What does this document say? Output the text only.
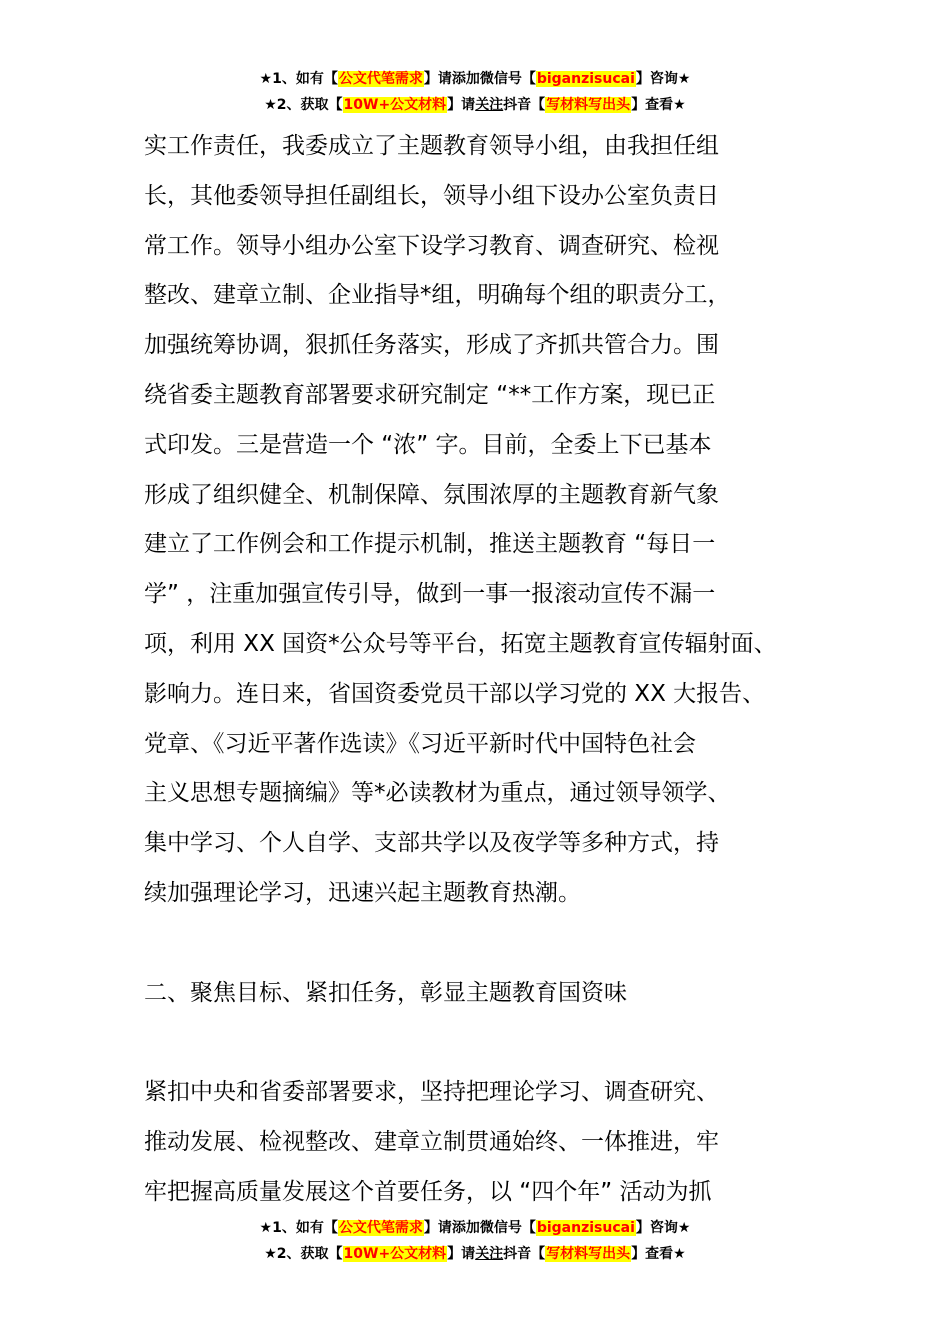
★1、如有【公文代笔需求】请添加微信号【biganzisucai】咨询★
★2、获取【10W+公文材料】请关注抖音【写材料写出头】查看★

实工作责任，我委成立了主题教育领导小组，由我担任组

长，其他委领导担任副组长，领导小组下设办公室负责日

常工作。领导小组办公室下设学习教育、调查研究、检视

整改、建章立制、企业指导*组，明确每个组的职责分工，

加强统筹协调，狠抓任务落实，形成了齐抓共管合力。围

绕省委主题教育部署要求研究制定 “**工作方案，现已正

式印发。三是营造一个 “浓” 字。目前，全委上下已基本

形成了组织健全、机制保障、氛围浓厚的主题教育新气象

建立了工作例会和工作提示机制，推送主题教育 “每日一

学” ，注重加强宣传引导，做到一事一报滚动宣传不漏一

项，利用 XX 国资*公众号等平台，拓宽主题教育宣传辐射面、

影响力。连日来，省国资委党员干部以学习党的 XX 大报告、

党章、《习近平著作选读》《习近平新时代中国特色社会

主义思想专题摘编》等*必读教材为重点，通过领导领学、

集中学习、个人自学、支部共学以及夜学等多种方式，持

续加强理论学习，迅速兴起主题教育热潮。

二、聚焦目标、紧扣任务，彰显主题教育国资味

紧扣中央和省委部署要求，坚持把理论学习、调查研究、

推动发展、检视整改、建章立制贯通始终、一体推进，牢

牢把握高质量发展这个首要任务，以 “四个年” 活动为抓

★1、如有【公文代笔需求】请添加微信号【biganzisucai】咨询★
★2、获取【10W+公文材料】请关注抖音【写材料写出头】查看★
